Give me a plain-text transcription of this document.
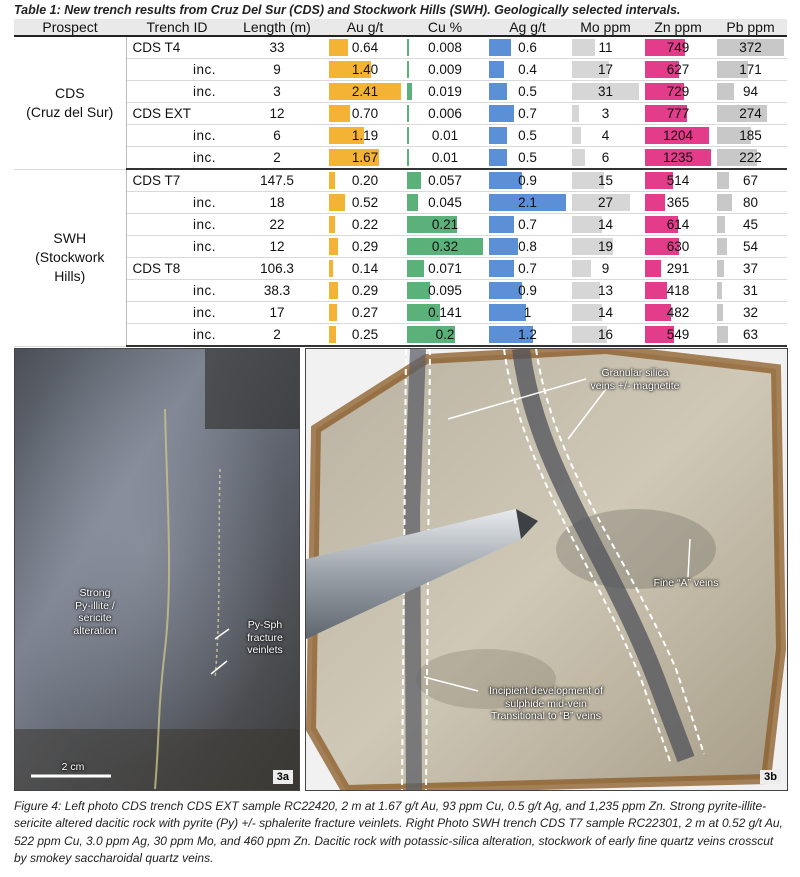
Table 1: New trench results from Cruz Del Sur (CDS) and Stockwork Hills (SWH). Geologically selected intervals.
Prospect	Trench ID	Length (m)	Au g/t	Cu %	Ag g/t	Mo ppm	Zn ppm	Pb ppm
CDS
(Cruz del Sur)	CDS T4	33	0.64	0.008	0.6	11	749	372
	inc.	9	1.40	0.009	0.4	17	627	171
	inc.	3	2.41	0.019	0.5	31	729	94
	CDS EXT	12	0.70	0.006	0.7	3	777	274
	inc.	6	1.19	0.01	0.5	4	1204	185
	inc.	2	1.67	0.01	0.5	6	1235	222
SWH
(Stockwork
Hills)	CDS T7	147.5	0.20	0.057	0.9	15	514	67
	inc.	18	0.52	0.045	2.1	27	365	80
	inc.	22	0.22	0.21	0.7	14	614	45
	inc.	12	0.29	0.32	0.8	19	630	54
	CDS T8	106.3	0.14	0.071	0.7	9	291	37
	inc.	38.3	0.29	0.095	0.9	13	418	31
	inc.	17	0.27	0.141	1	14	482	32
	inc.	2	0.25	0.2	1.2	16	549	63
Strong
Py-illite /
sericite
alteration	Py-Sph
fracture
veinlets
2 cm
3a
Granular silica
veins +/- magnetite
Fine “A” veins
Incipient development of
sulphide mid-vein
Transitional to “B” veins
3b
Figure 4: Left photo CDS trench CDS EXT sample RC22420, 2 m at 1.67 g/t Au, 93 ppm Cu, 0.5 g/t Ag, and 1,235 ppm Zn. Strong pyrite-illite-sericite altered dacitic rock with pyrite (Py) +/- sphalerite fracture veinlets. Right Photo SWH trench CDS T7 sample RC22301, 2 m at 0.52 g/t Au, 522 ppm Cu, 3.0 ppm Ag, 30 ppm Mo, and 460 ppm Zn. Dacitic rock with potassic-silica alteration, stockwork of early fine quartz veins crosscut by smokey saccharoidal quartz veins.
